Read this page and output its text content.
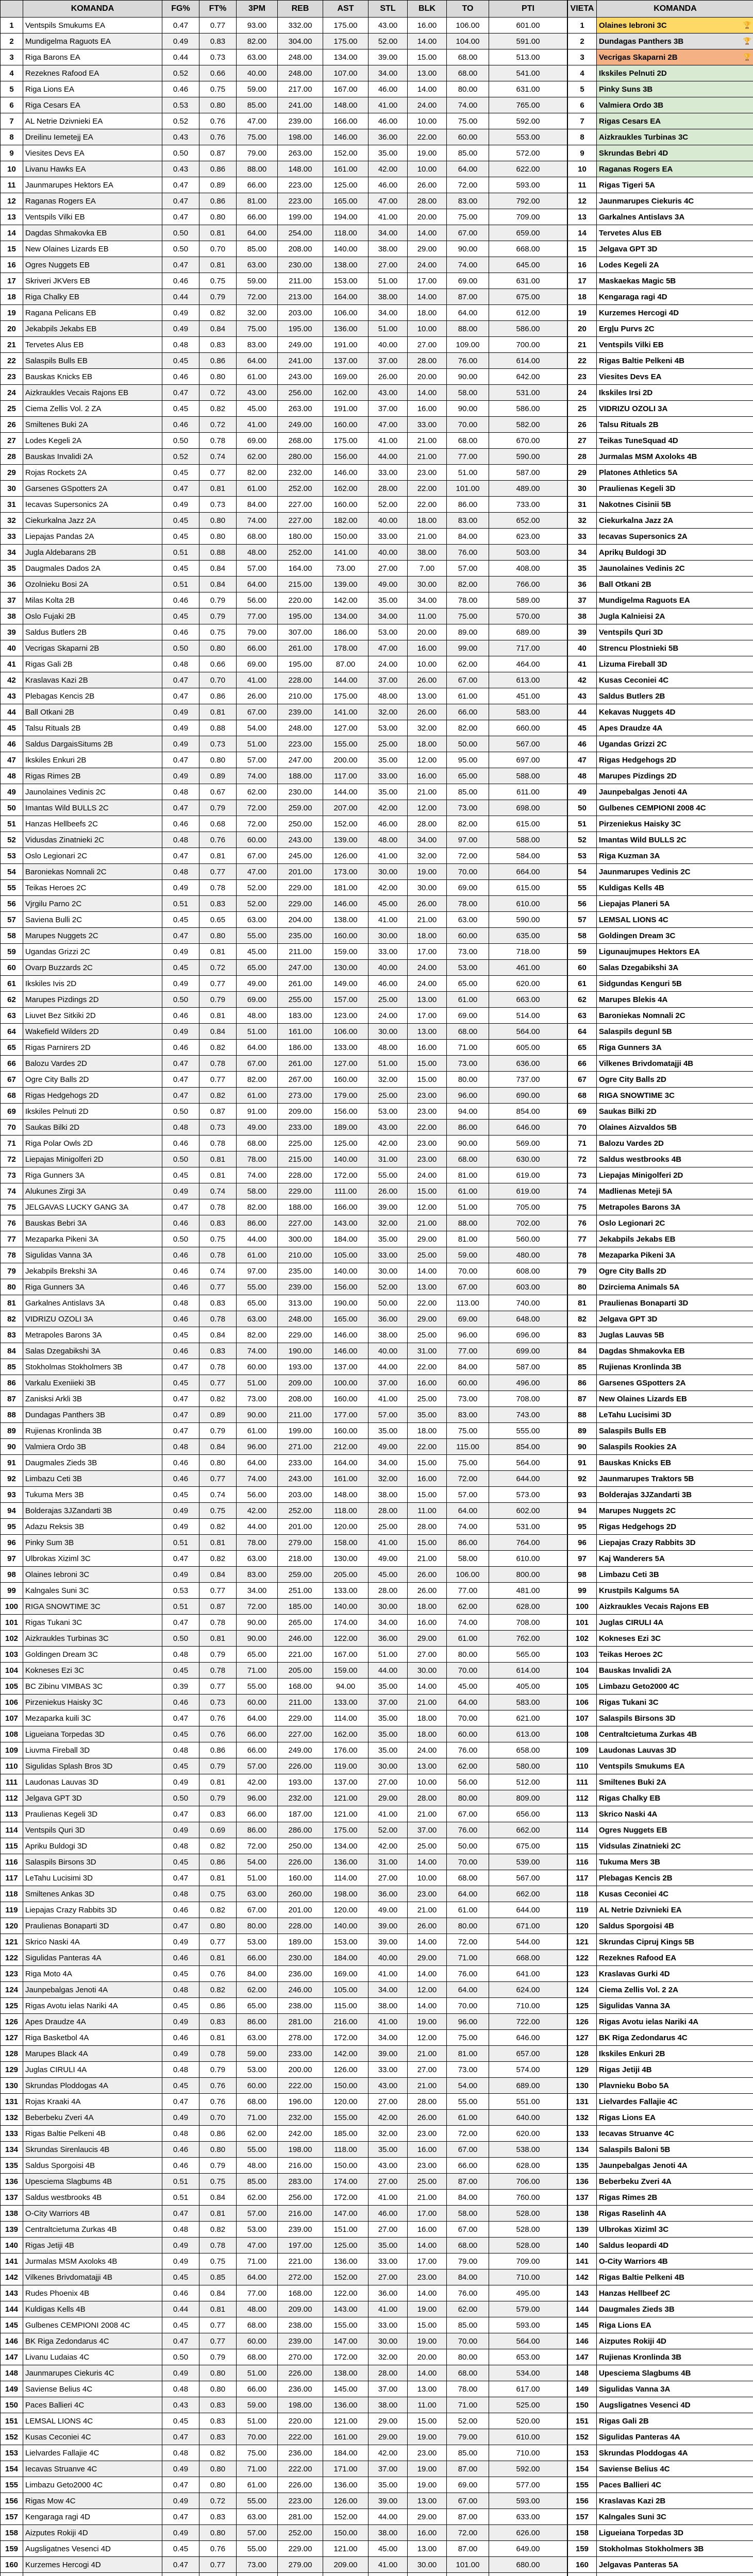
	KOMANDA	FG%	FT%	3PM	REB	AST	STL	BLK	TO	PTI
1	Ventspils Smukums EA	0.47	0.77	93.00	332.00	175.00	43.00	16.00	106.00	601.00
2	Mundigelma Raguots EA	0.49	0.83	82.00	304.00	175.00	52.00	14.00	104.00	591.00
3	Riga Barons EA	0.44	0.73	63.00	248.00	134.00	39.00	15.00	68.00	513.00
4	Rezeknes Rafood EA	0.52	0.66	40.00	248.00	107.00	34.00	13.00	68.00	541.00
5	Riga Lions EA	0.46	0.75	59.00	217.00	167.00	46.00	14.00	80.00	631.00
6	Riga Cesars EA	0.53	0.80	85.00	241.00	148.00	41.00	24.00	74.00	765.00
7	AL Netrie Dzivnieki EA	0.52	0.76	47.00	239.00	166.00	46.00	10.00	75.00	592.00
8	Dreilinu Iemetejj EA	0.43	0.76	75.00	198.00	146.00	36.00	22.00	60.00	553.00
9	Viesites Devs EA	0.50	0.87	79.00	263.00	152.00	35.00	19.00	85.00	572.00
10	Livanu Hawks EA	0.43	0.86	88.00	148.00	161.00	42.00	10.00	64.00	622.00
11	Jaunmarupes Hektors EA	0.47	0.89	66.00	223.00	125.00	46.00	26.00	72.00	593.00
12	Raganas Rogers EA	0.47	0.86	81.00	223.00	165.00	47.00	28.00	83.00	792.00
13	Ventspils Vilki EB	0.47	0.80	66.00	199.00	194.00	41.00	20.00	75.00	709.00
14	Dagdas Shmakovka EB	0.50	0.81	64.00	254.00	118.00	34.00	14.00	67.00	659.00
15	New Olaines Lizards EB	0.50	0.70	85.00	208.00	140.00	38.00	29.00	90.00	668.00
16	Ogres Nuggets EB	0.47	0.81	63.00	230.00	138.00	27.00	24.00	74.00	645.00
17	Skriveri JKVers EB	0.46	0.75	59.00	211.00	153.00	51.00	17.00	69.00	631.00
18	Riga Chalky EB	0.44	0.79	72.00	213.00	164.00	38.00	14.00	87.00	675.00
19	Ragana Pelicans EB	0.49	0.82	32.00	203.00	106.00	34.00	18.00	64.00	612.00
20	Jekabpils Jekabs EB	0.49	0.84	75.00	195.00	136.00	51.00	10.00	88.00	586.00
21	Tervetes Alus EB	0.48	0.83	83.00	249.00	191.00	40.00	27.00	109.00	700.00
22	Salaspils Bulls EB	0.45	0.86	64.00	241.00	137.00	37.00	28.00	76.00	614.00
23	Bauskas Knicks EB	0.46	0.80	61.00	243.00	169.00	26.00	20.00	90.00	642.00
24	Aizkraukles Vecais Rajons EB	0.47	0.72	43.00	256.00	162.00	43.00	14.00	58.00	531.00
25	Ciema Zellis Vol. 2 ZA	0.45	0.82	45.00	263.00	191.00	37.00	16.00	90.00	586.00
26	Smiltenes Buki 2A	0.46	0.72	41.00	249.00	160.00	47.00	33.00	70.00	582.00
27	Lodes Kegeli 2A	0.50	0.78	69.00	268.00	175.00	41.00	21.00	68.00	670.00
28	Bauskas Invalidi 2A	0.52	0.74	62.00	280.00	156.00	44.00	21.00	77.00	590.00
29	Rojas Rockets 2A	0.45	0.77	82.00	232.00	146.00	33.00	23.00	51.00	587.00
30	Garsenes GSpotters 2A	0.47	0.81	61.00	252.00	162.00	28.00	22.00	101.00	489.00
31	Iecavas Supersonics 2A	0.49	0.73	84.00	227.00	160.00	52.00	22.00	86.00	733.00
32	Ciekurkalna Jazz 2A	0.45	0.80	74.00	227.00	182.00	40.00	18.00	83.00	652.00
33	Liepajas Pandas 2A	0.45	0.80	68.00	180.00	150.00	33.00	21.00	84.00	623.00
34	Jugla Aldebarans 2B	0.51	0.88	48.00	252.00	141.00	40.00	38.00	76.00	503.00
35	Daugmales Dados 2A	0.45	0.84	57.00	164.00	73.00	27.00	7.00	57.00	408.00
36	Ozolnieku Bosi 2A	0.51	0.84	64.00	215.00	139.00	49.00	30.00	82.00	766.00
37	Milas Kolta 2B	0.46	0.79	56.00	220.00	142.00	35.00	34.00	78.00	589.00
38	Oslo Fujaki 2B	0.45	0.79	77.00	195.00	134.00	34.00	11.00	75.00	570.00
39	Saldus Butlers 2B	0.46	0.75	79.00	307.00	186.00	53.00	20.00	89.00	689.00
40	Vecrigas Skaparni 2B	0.50	0.80	66.00	261.00	178.00	47.00	16.00	99.00	717.00
41	Rigas Gali 2B	0.48	0.66	69.00	195.00	87.00	24.00	10.00	62.00	464.00
42	Kraslavas Kazi 2B	0.47	0.70	41.00	228.00	144.00	37.00	26.00	67.00	613.00
43	Plebagas Kencis 2B	0.47	0.86	26.00	210.00	175.00	48.00	13.00	61.00	451.00
44	Ball Otkani 2B	0.49	0.81	67.00	239.00	141.00	32.00	26.00	66.00	583.00
45	Talsu Rituals 2B	0.49	0.88	54.00	248.00	127.00	53.00	32.00	82.00	660.00
46	Saldus DargaisSitums 2B	0.49	0.73	51.00	223.00	155.00	25.00	18.00	50.00	567.00
47	Ikskiles Enkuri 2B	0.47	0.80	57.00	247.00	200.00	35.00	12.00	95.00	697.00
48	Rigas Rimes 2B	0.49	0.89	74.00	188.00	117.00	33.00	16.00	65.00	588.00
49	Jaunolaines Vedinis 2C	0.48	0.67	62.00	230.00	144.00	35.00	21.00	85.00	611.00
50	Imantas Wild BULLS 2C	0.47	0.79	72.00	259.00	207.00	42.00	12.00	73.00	698.00
51	Hanzas Hellbeefs 2C	0.46	0.68	72.00	250.00	152.00	46.00	28.00	82.00	615.00
52	Vidusdas Zinatnieki 2C	0.48	0.76	60.00	243.00	139.00	48.00	34.00	97.00	588.00
53	Oslo Legionari 2C	0.47	0.81	67.00	245.00	126.00	41.00	32.00	72.00	584.00
54	Baroniekas Nomnali 2C	0.48	0.77	47.00	201.00	173.00	30.00	19.00	70.00	664.00
55	Teikas Heroes 2C	0.49	0.78	52.00	229.00	181.00	42.00	30.00	69.00	615.00
56	Vjrgilu Parno 2C	0.51	0.83	52.00	229.00	146.00	45.00	26.00	78.00	610.00
57	Saviena Bulli 2C	0.45	0.65	63.00	204.00	138.00	41.00	21.00	63.00	590.00
58	Marupes Nuggets 2C	0.47	0.80	55.00	235.00	160.00	30.00	18.00	60.00	635.00
59	Ugandas Grizzi 2C	0.49	0.81	45.00	211.00	159.00	33.00	17.00	73.00	718.00
60	Ovarp Buzzards 2C	0.45	0.72	65.00	247.00	130.00	40.00	24.00	53.00	461.00
61	Ikskiles Ivis 2D	0.49	0.77	49.00	261.00	149.00	46.00	24.00	65.00	620.00
62	Marupes Pizdings 2D	0.50	0.79	69.00	255.00	157.00	25.00	13.00	61.00	663.00
63	Liuvet Bez Sitkiki 2D	0.46	0.81	48.00	183.00	123.00	24.00	17.00	69.00	514.00
64	Wakefield Wilders 2D	0.49	0.84	51.00	161.00	106.00	30.00	13.00	68.00	564.00
65	Rigas Parnirers 2D	0.46	0.82	64.00	186.00	133.00	48.00	16.00	71.00	605.00
66	Balozu Vardes 2D	0.47	0.78	67.00	261.00	127.00	51.00	15.00	73.00	636.00
67	Ogre City Balls 2D	0.47	0.77	82.00	267.00	160.00	32.00	15.00	80.00	737.00
68	Rigas Hedgehogs 2D	0.47	0.82	61.00	273.00	179.00	25.00	23.00	96.00	690.00
69	Ikskiles Pelnuti 2D	0.50	0.87	91.00	209.00	156.00	53.00	23.00	94.00	854.00
70	Saukas Bilki 2D	0.48	0.73	49.00	233.00	189.00	43.00	22.00	86.00	646.00
71	Riga Polar Owls 2D	0.46	0.78	68.00	225.00	125.00	42.00	23.00	90.00	569.00
72	Liepajas Minigolferi 2D	0.50	0.81	78.00	215.00	140.00	31.00	23.00	68.00	630.00
73	Riga Gunners 3A	0.45	0.81	74.00	228.00	172.00	55.00	24.00	81.00	619.00
74	Alukunes Zirgi 3A	0.49	0.74	58.00	229.00	111.00	26.00	15.00	61.00	619.00
75	JELGAVAS LUCKY GANG 3A	0.47	0.78	82.00	188.00	166.00	39.00	12.00	51.00	705.00
76	Bauskas Bebri 3A	0.46	0.83	86.00	227.00	143.00	32.00	21.00	88.00	702.00
77	Mezaparka Pikeni 3A	0.50	0.75	44.00	300.00	184.00	35.00	29.00	81.00	560.00
78	Sigulidas Vanna 3A	0.46	0.78	61.00	210.00	105.00	33.00	25.00	59.00	480.00
79	Jekabpils Brekshi 3A	0.46	0.74	97.00	235.00	140.00	30.00	14.00	70.00	608.00
80	Riga Gunners 3A	0.46	0.77	55.00	239.00	156.00	52.00	13.00	67.00	603.00
81	Garkalnes Antislavs 3A	0.48	0.83	65.00	313.00	190.00	50.00	22.00	113.00	740.00
82	VIDRIZU OZOLI 3A	0.46	0.78	63.00	248.00	165.00	36.00	29.00	69.00	648.00
83	Metrapoles Barons 3A	0.45	0.84	82.00	229.00	146.00	38.00	25.00	96.00	696.00
84	Salas Dzegabikshi 3A	0.46	0.83	74.00	190.00	146.00	40.00	31.00	77.00	699.00
85	Stokholmas Stokholmers 3B	0.47	0.78	60.00	193.00	137.00	44.00	22.00	84.00	587.00
86	Varkalu Exeniieki 3B	0.45	0.77	51.00	209.00	100.00	37.00	16.00	60.00	496.00
87	Zanisksi Arkli 3B	0.47	0.82	73.00	208.00	160.00	41.00	25.00	73.00	708.00
88	Dundagas Panthers 3B	0.47	0.89	90.00	211.00	177.00	57.00	35.00	83.00	743.00
89	Rujienas Kronlinda 3B	0.47	0.79	61.00	199.00	160.00	35.00	18.00	75.00	555.00
90	Valmiera Ordo 3B	0.48	0.84	96.00	271.00	212.00	49.00	22.00	115.00	854.00
91	Daugmales Zieds 3B	0.46	0.80	64.00	233.00	164.00	34.00	15.00	75.00	564.00
92	Limbazu Ceti 3B	0.46	0.77	74.00	243.00	161.00	32.00	16.00	72.00	644.00
93	Tukuma Mers 3B	0.45	0.74	56.00	203.00	148.00	38.00	15.00	57.00	573.00
94	Bolderajas 3JZandarti 3B	0.49	0.75	42.00	252.00	118.00	28.00	11.00	64.00	602.00
95	Adazu Reksis 3B	0.49	0.82	44.00	201.00	120.00	25.00	28.00	74.00	531.00
96	Pinky Sum 3B	0.51	0.81	78.00	279.00	158.00	41.00	15.00	86.00	764.00
97	Ulbrokas Xiziml 3C	0.47	0.82	63.00	218.00	130.00	49.00	21.00	58.00	610.00
98	Olaines Iebroni 3C	0.49	0.84	83.00	259.00	205.00	45.00	26.00	106.00	800.00
99	Kalngales Suni 3C	0.53	0.77	34.00	251.00	133.00	28.00	26.00	77.00	481.00
100	RIGA SNOWTIME 3C	0.51	0.87	72.00	185.00	140.00	30.00	18.00	62.00	628.00
101	Rigas Tukani 3C	0.47	0.78	90.00	265.00	174.00	34.00	16.00	74.00	708.00
102	Aizkraukles Turbinas 3C	0.50	0.81	90.00	246.00	122.00	36.00	29.00	61.00	762.00
103	Goldingen Dream 3C	0.48	0.79	65.00	221.00	167.00	51.00	27.00	80.00	565.00
104	Kokneses Ezi 3C	0.45	0.78	71.00	205.00	159.00	44.00	30.00	70.00	614.00
105	BC Zibinu VIMBAS 3C	0.39	0.77	55.00	168.00	94.00	35.00	14.00	45.00	405.00
106	Pirzeniekus Haisky 3C	0.46	0.73	60.00	211.00	133.00	37.00	21.00	64.00	583.00
107	Mezaparka kuili 3C	0.47	0.76	64.00	229.00	114.00	35.00	18.00	70.00	621.00
108	Ligueiana Torpedas 3D	0.45	0.76	66.00	227.00	162.00	35.00	18.00	60.00	613.00
109	Liuvma Fireball 3D	0.48	0.86	66.00	249.00	176.00	35.00	24.00	76.00	658.00
110	Sigulidas Splash Bros 3D	0.45	0.79	57.00	226.00	119.00	30.00	13.00	62.00	580.00
111	Laudonas Lauvas 3D	0.49	0.81	42.00	193.00	137.00	27.00	10.00	56.00	512.00
112	Jelgava GPT 3D	0.50	0.79	96.00	232.00	121.00	29.00	28.00	80.00	809.00
113	Praulienas Kegeli 3D	0.47	0.83	66.00	187.00	121.00	41.00	21.00	67.00	656.00
114	Ventspils Quri 3D	0.49	0.69	86.00	286.00	175.00	52.00	37.00	76.00	662.00
115	Apriku Buldogi 3D	0.48	0.82	72.00	250.00	134.00	42.00	25.00	50.00	675.00
116	Salaspils Birsons 3D	0.45	0.86	54.00	226.00	136.00	31.00	14.00	70.00	539.00
117	LeTahu Lucisimi 3D	0.47	0.81	51.00	160.00	114.00	27.00	10.00	68.00	567.00
118	Smiltenes Ankas 3D	0.48	0.75	63.00	260.00	198.00	36.00	23.00	64.00	662.00
119	Liepajas Crazy Rabbits 3D	0.46	0.82	67.00	201.00	120.00	49.00	21.00	61.00	644.00
120	Praulienas Bonaparti 3D	0.47	0.80	80.00	228.00	140.00	39.00	26.00	80.00	671.00
121	Skrico Naski 4A	0.49	0.77	53.00	189.00	153.00	39.00	14.00	72.00	544.00
122	Sigulidas Panteras 4A	0.46	0.81	66.00	230.00	184.00	40.00	29.00	71.00	668.00
123	Riga Moto 4A	0.45	0.76	84.00	236.00	169.00	41.00	14.00	76.00	641.00
124	Jaunpebalgas Jenoti 4A	0.48	0.82	62.00	246.00	105.00	34.00	12.00	64.00	624.00
125	Rigas Avotu ielas Nariki 4A	0.45	0.86	65.00	238.00	115.00	38.00	14.00	70.00	710.00
126	Apes Draudze 4A	0.49	0.83	86.00	281.00	216.00	41.00	19.00	96.00	722.00
127	Riga Basketbol 4A	0.46	0.81	63.00	278.00	172.00	34.00	12.00	75.00	646.00
128	Marupes Black 4A	0.49	0.78	59.00	233.00	142.00	39.00	21.00	81.00	657.00
129	Juglas CIRULI 4A	0.48	0.79	53.00	200.00	126.00	33.00	27.00	73.00	574.00
130	Skrundas Ploddogas 4A	0.45	0.76	60.00	222.00	150.00	43.00	21.00	54.00	689.00
131	Rojas Kraaki 4A	0.47	0.76	68.00	196.00	120.00	27.00	28.00	55.00	551.00
132	Beberbeku Zveri 4A	0.49	0.70	71.00	232.00	155.00	42.00	26.00	61.00	640.00
133	Rigas Baltie Pelkeni 4B	0.48	0.86	62.00	242.00	185.00	32.00	23.00	72.00	620.00
134	Skrundas Sirenlaucis 4B	0.46	0.80	55.00	198.00	118.00	35.00	16.00	67.00	538.00
135	Saldus Sporgoisi 4B	0.46	0.79	48.00	216.00	150.00	43.00	23.00	66.00	628.00
136	Upesciema Slagbums 4B	0.51	0.75	85.00	283.00	174.00	27.00	25.00	87.00	706.00
137	Saldus westbrooks 4B	0.51	0.84	62.00	256.00	172.00	41.00	21.00	84.00	760.00
138	O-City Warriors 4B	0.47	0.81	57.00	216.00	147.00	46.00	17.00	58.00	528.00
139	Centraltcietuma Zurkas 4B	0.48	0.82	53.00	239.00	151.00	27.00	16.00	67.00	528.00
140	Rigas Jetiji 4B	0.49	0.78	47.00	197.00	125.00	35.00	14.00	68.00	528.00
141	Jurmalas MSM Axoloks 4B	0.49	0.75	71.00	221.00	136.00	33.00	17.00	79.00	709.00
142	Vilkenes Brivdomatajji 4B	0.45	0.85	64.00	272.00	152.00	27.00	23.00	84.00	710.00
143	Rudes Phoenix 4B	0.46	0.84	77.00	168.00	122.00	36.00	14.00	76.00	495.00
144	Kuldigas Kells 4B	0.44	0.81	48.00	209.00	143.00	41.00	19.00	62.00	579.00
145	Gulbenes CEMPIONI 2008 4C	0.45	0.77	68.00	238.00	155.00	33.00	15.00	85.00	593.00
146	BK Riga Zedondarus 4C	0.47	0.77	60.00	239.00	147.00	30.00	19.00	70.00	564.00
147	Livanu Ludaias 4C	0.50	0.79	68.00	270.00	172.00	32.00	20.00	80.00	653.00
148	Jaunmarupes Ciekuris 4C	0.49	0.80	51.00	226.00	138.00	28.00	14.00	68.00	534.00
149	Saviense Belius 4C	0.48	0.80	66.00	236.00	145.00	37.00	13.00	78.00	617.00
150	Paces Ballieri 4C	0.43	0.83	59.00	198.00	136.00	38.00	11.00	71.00	525.00
151	LEMSAL LIONS 4C	0.45	0.83	51.00	220.00	121.00	29.00	15.00	52.00	520.00
152	Kusas Ceconiei 4C	0.47	0.83	70.00	222.00	161.00	29.00	19.00	79.00	610.00
153	Lielvardes Fallajie 4C	0.48	0.82	75.00	236.00	184.00	42.00	23.00	85.00	710.00
154	Iecavas Struanve 4C	0.49	0.80	71.00	222.00	171.00	37.00	19.00	87.00	592.00
155	Limbazu Geto2000 4C	0.47	0.80	61.00	226.00	136.00	35.00	19.00	69.00	577.00
156	Rigas Mow 4C	0.49	0.72	55.00	223.00	126.00	39.00	13.00	67.00	593.00
157	Kengaraga ragi 4D	0.47	0.83	63.00	281.00	152.00	44.00	29.00	87.00	633.00
158	Aizputes Rokiji 4D	0.49	0.80	57.00	252.00	150.00	38.00	16.00	72.00	626.00
159	Augsligatnes Vesenci 4D	0.45	0.76	55.00	229.00	121.00	45.00	13.00	87.00	649.00
160	Kurzemes Hercogi 4D	0.47	0.77	73.00	279.00	209.00	41.00	30.00	101.00	680.00

VIETA	KOMANDA
1	Olaines Iebroni 3C 🏆

2	Dundagas Panthers 3B 🏆

3	Vecrigas Skaparni 2B 🏆

4	Ikskiles Pelnuti 2D
5	Pinky Suns 3B
6	Valmiera Ordo 3B
7	Rigas Cesars EA
8	Aizkraukles Turbinas 3C
9	Skrundas Bebri 4D
10	Raganas Rogers EA
11	Rigas Tigeri 5A
12	Jaunmarupes Ciekuris 4C
13	Garkalnes Antislavs 3A
14	Tervetes Alus EB
15	Jelgava GPT 3D
16	Lodes Kegeli 2A
17	Maskaekas Magic 5B
18	Kengaraga ragi 4D
19	Kurzemes Hercogi 4D
20	Ergļu Purvs 2C
21	Ventspils Vilki EB
22	Rigas Baltie Pelkeni 4B
23	Viesites Devs EA
24	Ikskiles Irsi 2D
25	VIDRIZU OZOLI 3A
26	Talsu Rituals 2B
27	Teikas TuneSquad 4D
28	Jurmalas MSM Axoloks 4B
29	Platones Athletics 5A
30	Praulienas Kegeli 3D
31	Nakotnes Cisinii 5B
32	Ciekurkalna Jazz 2A
33	Iecavas Supersonics 2A
34	Aprikų Buldogi 3D
35	Jaunolaines Vedinis 2C
36	Ball Otkani 2B
37	Mundigelma Raguots EA
38	Jugla Kalnieisi 2A
39	Ventspils Quri 3D
40	Strencu Plostnieki 5B
41	Lizuma Fireball 3D
42	Kusas Ceconiei 4C
43	Saldus Butlers 2B
44	Kekavas Nuggets 4D
45	Apes Draudze 4A
46	Ugandas Grizzi 2C
47	Rigas Hedgehogs 2D
48	Marupes Pizdings 2D
49	Jaunpebalgas Jenoti 4A
50	Gulbenes CEMPIONI 2008 4C
51	Pirzeniekus Haisky 3C
52	Imantas Wild BULLS 2C
53	Riga Kuzman 3A
54	Jaunmarupes Vedinis 2C
55	Kuldigas Kells 4B
56	Liepajas Planeri 5A
57	LEMSAL LIONS 4C
58	Goldingen Dream 3C
59	Ligunaujmupes Hektors EA
60	Salas Dzegabikshi 3A
61	Sidgundas Kenguri 5B
62	Marupes Blekis 4A
63	Baroniekas Nomnali 2C
64	Salaspils degunl 5B
65	Riga Gunners 3A
66	Vilkenes Brivdomatajji 4B
67	Ogre City Balls 2D
68	RIGA SNOWTIME 3C
69	Saukas Bilki 2D
70	Olaines Aizvaldos 5B
71	Balozu Vardes 2D
72	Saldus westbrooks 4B
73	Liepajas Minigolferi 2D
74	Madlienas Meteji 5A
75	Metrapoles Barons 3A
76	Oslo Legionari 2C
77	Jekabpils Jekabs EB
78	Mezaparka Pikeni 3A
79	Ogre City Balls 2D
80	Dzirciema Animals 5A
81	Praulienas Bonaparti 3D
82	Jelgava GPT 3D
83	Juglas Lauvas 5B
84	Dagdas Shmakovka EB
85	Rujienas Kronlinda 3B
86	Garsenes GSpotters 2A
87	New Olaines Lizards EB
88	LeTahu Lucisimi 3D
89	Salaspils Bulls EB
90	Salaspils Rookies 2A
91	Bauskas Knicks EB
92	Jaunmarupes Traktors 5B
93	Bolderajas 3JZandarti 3B
94	Marupes Nuggets 2C
95	Rigas Hedgehogs 2D
96	Liepajas Crazy Rabbits 3D
97	Kaj Wanderers 5A
98	Limbazu Ceti 3B
99	Krustpils Kalgums 5A
100	Aizkraukles Vecais Rajons EB
101	Juglas CIRULI 4A
102	Kokneses Ezi 3C
103	Teikas Heroes 2C
104	Bauskas Invalidi 2A
105	Limbazu Geto2000 4C
106	Rigas Tukani 3C
107	Salaspils Birsons 3D
108	Centraltcietuma Zurkas 4B
109	Laudonas Lauvas 3D
110	Ventspils Smukums EA
111	Smiltenes Buki 2A
112	Rigas Chalky EB
113	Skrico Naski 4A
114	Ogres Nuggets EB
115	Vidsulas Zinatnieki 2C
116	Tukuma Mers 3B
117	Plebagas Kencis 2B
118	Kusas Ceconiei 4C
119	AL Netrie Dzivnieki EA
120	Saldus Sporgoisi 4B
121	Skrundas Cipruj Kings 5B
122	Rezeknes Rafood EA
123	Kraslavas Gurki 4D
124	Ciema Zellis Vol. 2 2A
125	Sigulidas Vanna 3A
126	Rigas Avotu ielas Nariki 4A
127	BK Riga Zedondarus 4C
128	Ikskiles Enkuri 2B
129	Rigas Jetiji 4B
130	Plavnieku Bobo 5A
131	Lielvardes Fallajie 4C
132	Rigas Lions EA
133	Iecavas Struanve 4C
134	Salaspils Baloni 5B
135	Jaunpebalgas Jenoti 4A
136	Beberbeku Zveri 4A
137	Rigas Rimes 2B
138	Rigas Raselinh 4A
139	Ulbrokas Xiziml 3C
140	Saldus leopardi 4D
141	O-City Warriors 4B
142	Rigas Baltie Pelkeni 4B
143	Hanzas Hellbeef 2C
144	Daugmales Zieds 3B
145	Riga Lions EA
146	Aizputes Rokiji 4D
147	Rujienas Kronlinda 3B
148	Upesciema Slagbums 4B
149	Sigulidas Vanna 3A
150	Augsligatnes Vesenci 4D
151	Rigas Gali 2B
152	Sigulidas Panteras 4A
153	Skrundas Ploddogas 4A
154	Saviense Belius 4C
155	Paces Ballieri 4C
156	Kraslavas Kazi 2B
157	Kalngales Suni 3C
158	Ligueiana Torpedas 3D
159	Stokholmas Stokholmers 3B
160	Jelgavas Panteras 5A
